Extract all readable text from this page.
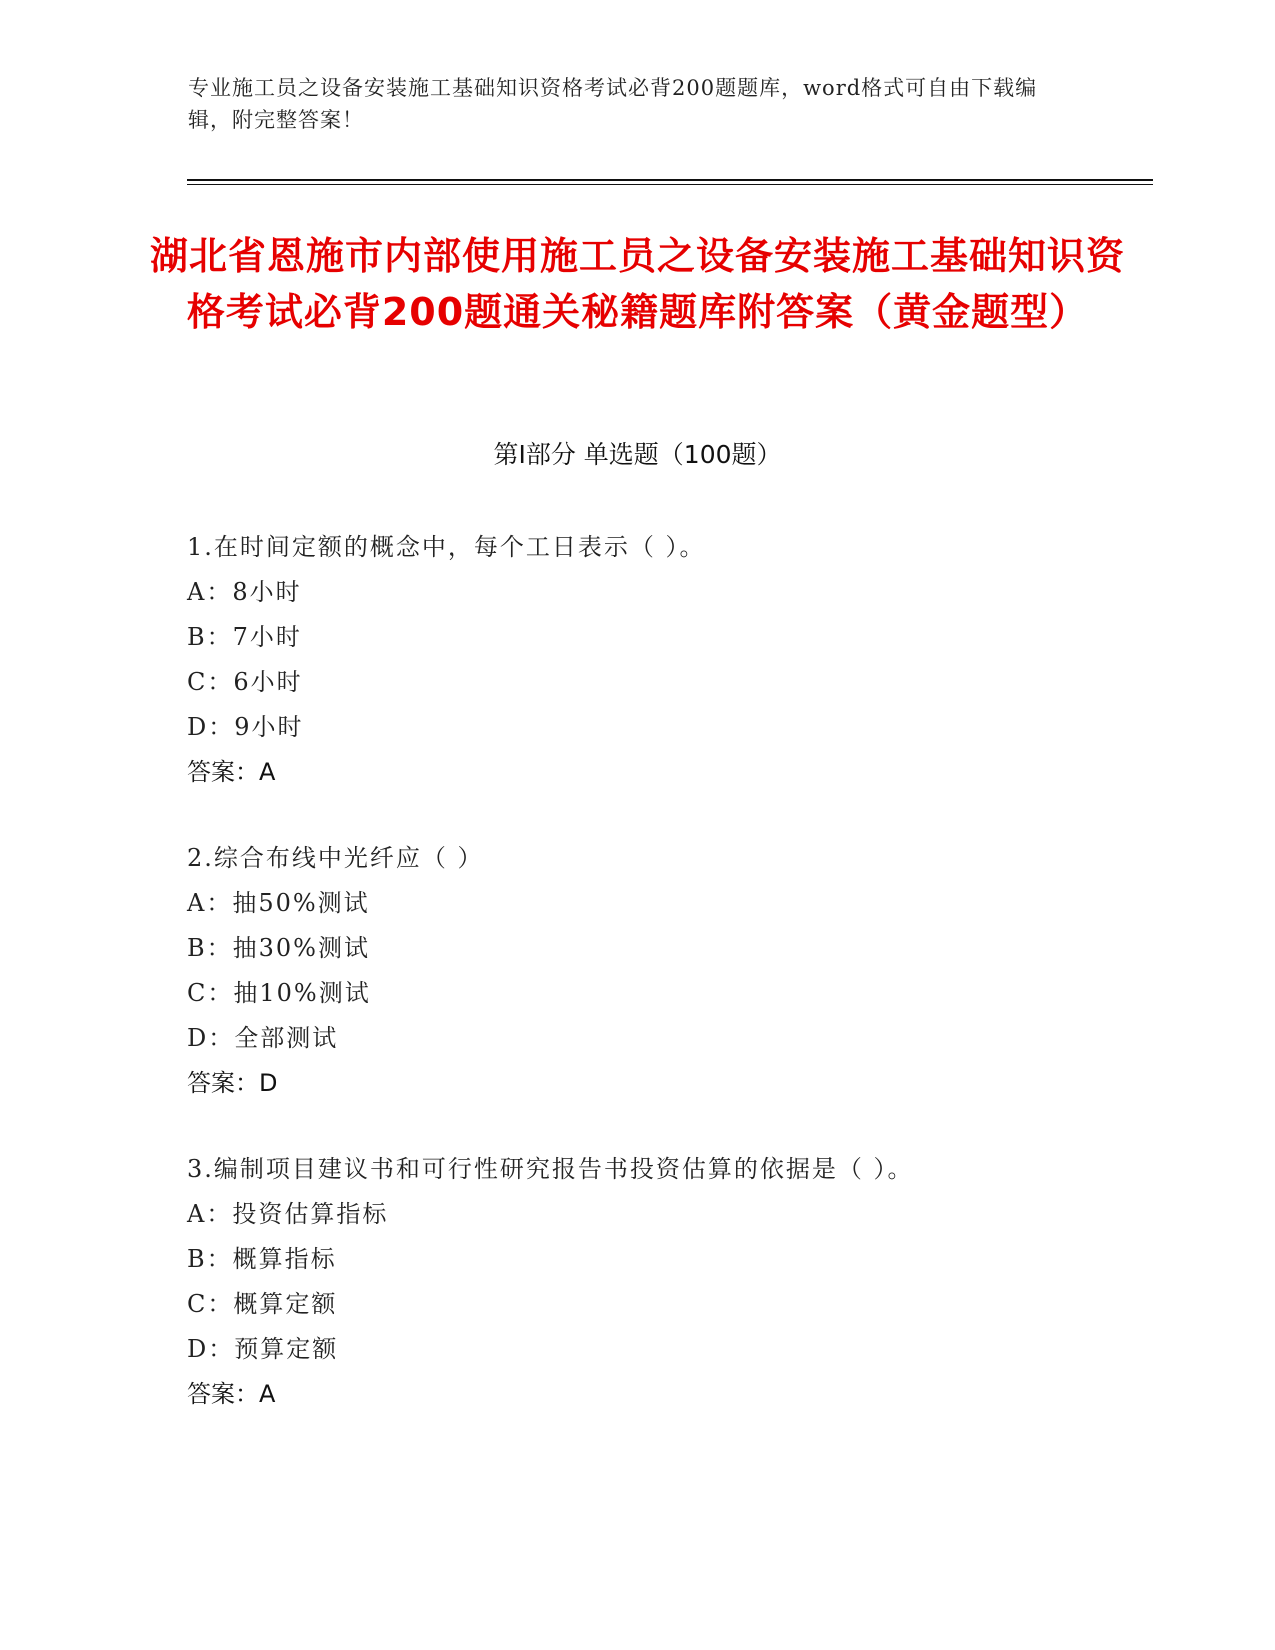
专业施工员之设备安装施工基础知识资格考试必背200题题库，word格式可自由下载编辑，附完整答案！
湖北省恩施市内部使用施工员之设备安装施工基础知识资格考试必背200题通关秘籍题库附答案（黄金题型）
第I部分 单选题（100题）
1.在时间定额的概念中，每个工日表示（ ）。
A：8小时
B：7小时
C：6小时
D：9小时
答案：A
2.综合布线中光纤应（ ）
A：抽50%测试
B：抽30%测试
C：抽10%测试
D：全部测试
答案：D
3.编制项目建议书和可行性研究报告书投资估算的依据是（ ）。
A：投资估算指标
B：概算指标
C：概算定额
D：预算定额
答案：A
